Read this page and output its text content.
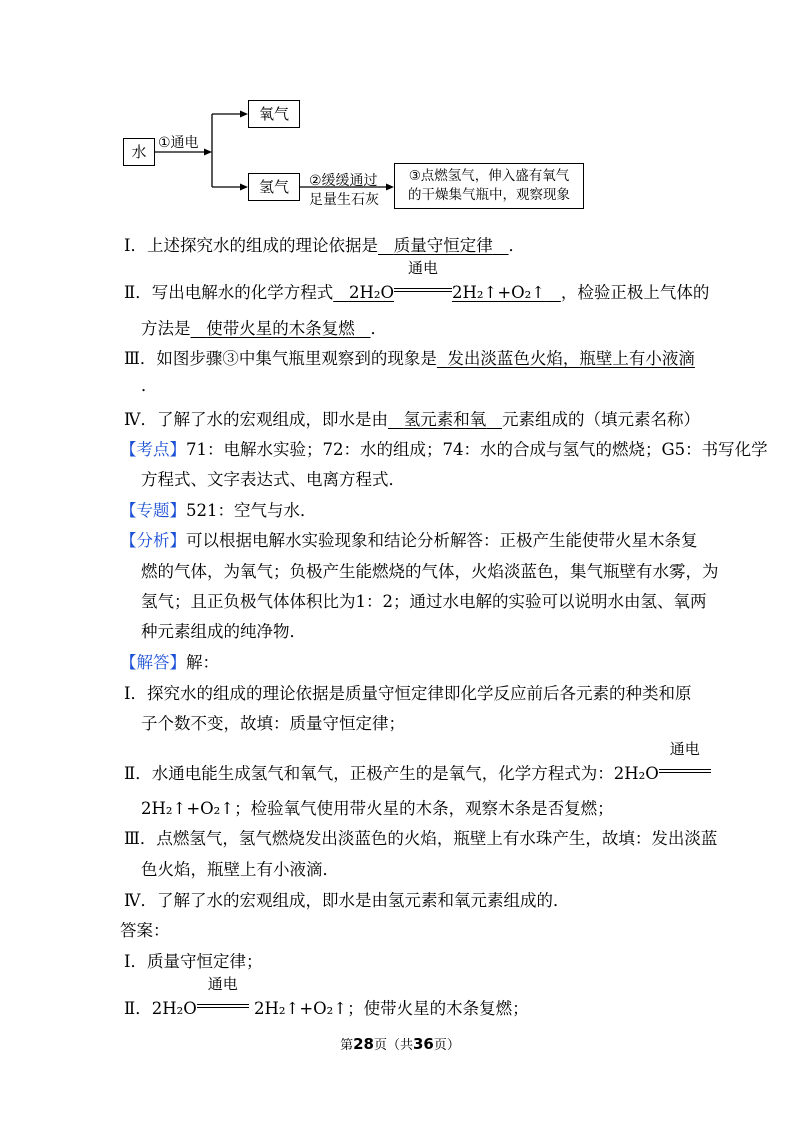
水 ①通电
氧气
氢气	②缓缓通过
足量生石灰
③点燃氢气，伸入盛有氧气
的干燥集气瓶中，观察现象
Ⅰ．上述探究水的组成的理论依据是 质量守恒定律 ．
Ⅱ．写出电解水的化学方程式 2H₂O
通电
2H₂↑+O₂↑ ，检验正极上气体的
方法是 使带火星的木条复燃 ．
Ⅲ．如图步骤③中集气瓶里观察到的现象是 发出淡蓝色火焰，瓶壁上有小液滴
．
Ⅳ．了解了水的宏观组成，即水是由 氢元素和氧 元素组成的（填元素名称）
【考点】71：电解水实验；72：水的组成；74：水的合成与氢气的燃烧；G5：书写化学
方程式、文字表达式、电离方程式．
【专题】521：空气与水．
【分析】可以根据电解水实验现象和结论分析解答：正极产生能使带火星木条复
燃的气体，为氧气；负极产生能燃烧的气体，火焰淡蓝色，集气瓶壁有水雾，为
氢气；且正负极气体体积比为1：2；通过水电解的实验可以说明水由氢、氧两
种元素组成的纯净物．
【解答】解：
Ⅰ．探究水的组成的理论依据是质量守恒定律即化学反应前后各元素的种类和原
子个数不变，故填：质量守恒定律；
Ⅱ．水通电能生成氢气和氧气，正极产生的是氧气，化学方程式为：2H₂O
通电
2H₂↑+O₂↑；检验氧气使用带火星的木条，观察木条是否复燃；
Ⅲ．点燃氢气，氢气燃烧发出淡蓝色的火焰，瓶壁上有水珠产生，故填：发出淡蓝
色火焰，瓶壁上有小液滴．
Ⅳ．了解了水的宏观组成，即水是由氢元素和氧元素组成的．
答案：
Ⅰ．质量守恒定律；
Ⅱ．2H₂O
通电
2H₂↑+O₂↑；使带火星的木条复燃；
第28页（共36页）
